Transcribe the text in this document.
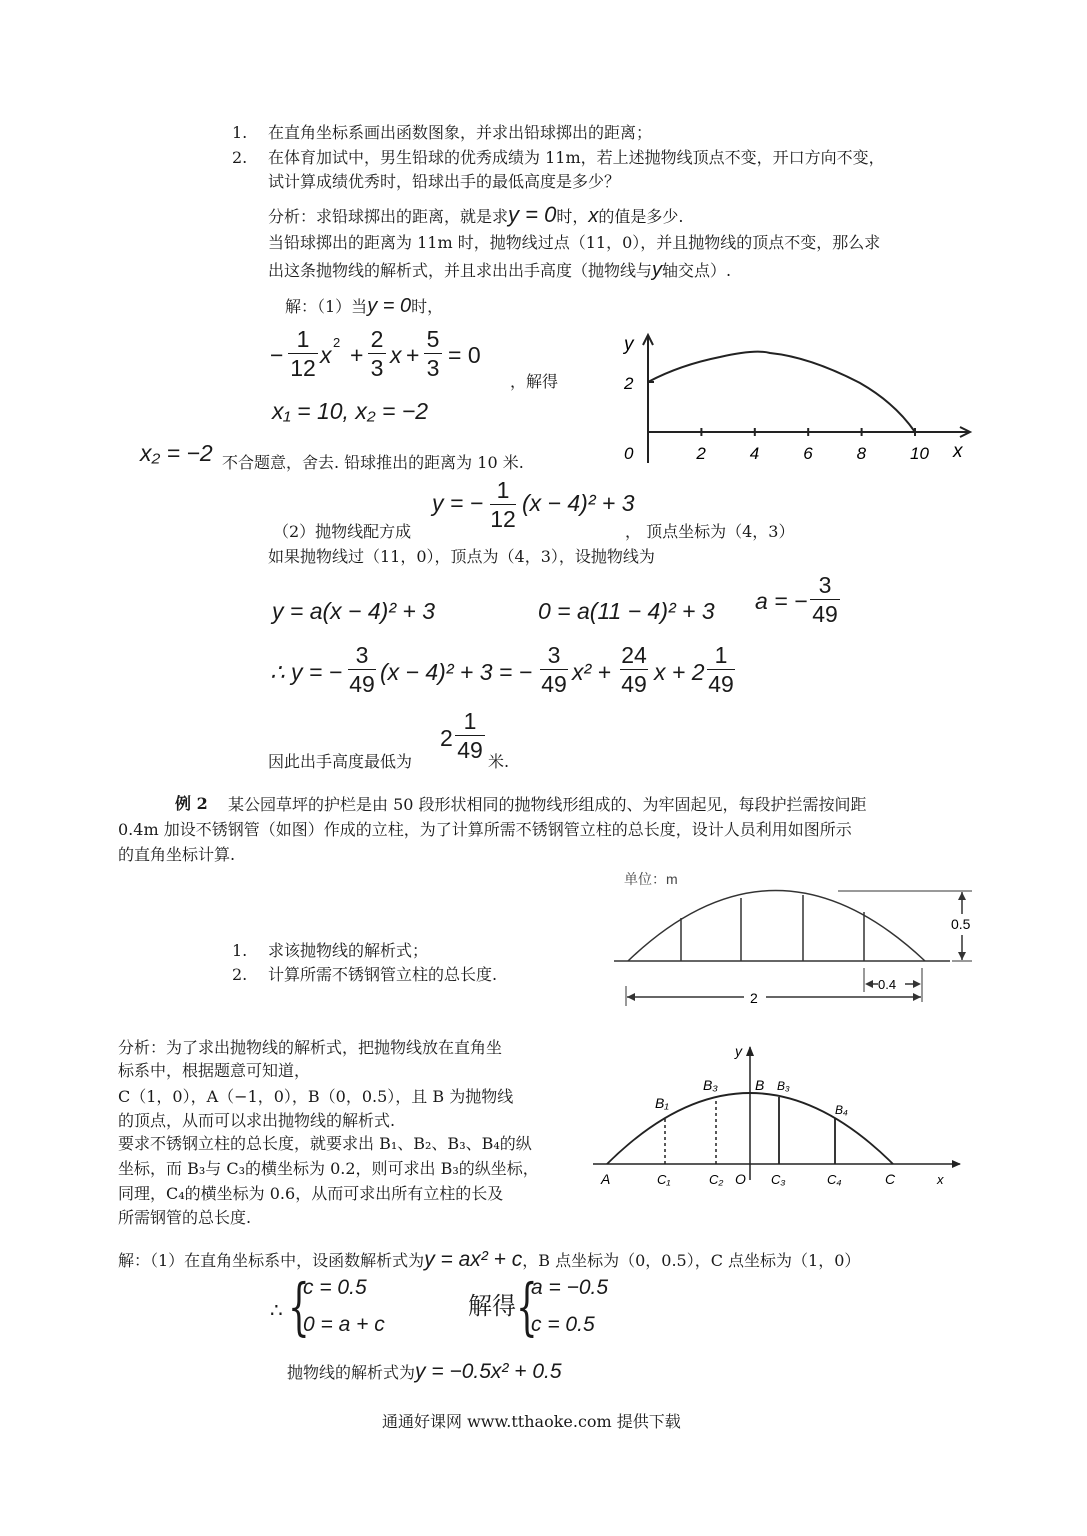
1. 在直角坐标系画出函数图象，并求出铅球掷出的距离；
2. 在体育加试中，男生铅球的优秀成绩为 11m，若上述抛物线顶点不变，开口方向不变，
试计算成绩优秀时，铅球出手的最低高度是多少？
分析：求铅球掷出的距离，就是求y = 0时，x的值是多少.
当铅球掷出的距离为 11m 时，抛物线过点（11，0），并且抛物线的顶点不变，那么求
出这条抛物线的解析式，并且求出出手高度（抛物线与y轴交点）.
解：（1）当y = 0时，
−
1
12 x 2 +
2
3 x +
5
3 = 0
，解得
x₁ = 10, x₂ = −2
x₂ = −2 不合题意，舍去. 铅球推出的距离为 10 米.
y = − 1
12
(x − 4)² + 3
（2）抛物线配方成	， 顶点坐标为（4，3）
如果抛物线过（11，0），顶点为（4，3），设抛物线为
y = a(x − 4)² + 3	0 = a(11 − 4)² + 3 a = −
3
49
∴ y = −
3
49 (x − 4)² + 3 = −
3
49 x² +
24
49 x + 2
1
49
2
1
49
因此出手高度最低为	米.
y
2
x
0	2	4	6	8	10
例 2 某公园草坪的护栏是由 50 段形状相同的抛物线形组成的、为牢固起见，每段护拦需按间距
0.4m 加设不锈钢管（如图）作成的立柱，为了计算所需不锈钢管立柱的总长度，设计人员利用如图所示
的直角坐标计算.
1. 求该抛物线的解析式；
2. 计算所需不锈钢管立柱的总长度.
单位：m
0.5
0.4
2
分析：为了求出抛物线的解析式，把抛物线放在直角坐
标系中，根据题意可知道，
C（1，0），A（−1，0），B（0，0.5），且 B 为抛物线
的顶点，从而可以求出抛物线的解析式.
要求不锈钢立柱的总长度，就要求出 B₁、B₂、B₃、B₄的纵
坐标，而 B₃与 C₃的横坐标为 0.2，则可求出 B₃的纵坐标，
同理，C₄的横坐标为 0.6，从而可求出所有立柱的长及
所需钢管的总长度.
y
x
A	C
O
B
B₁
B₃	B₃
B₄
C₁	C₂	C₃	C₄
解：（1）在直角坐标系中，设函数解析式为y = ax² + c，B 点坐标为（0，0.5），C 点坐标为（1，0）
∴ {
c = 0.5
0 = a + c
解得 {
a = −0.5
c = 0.5
抛物线的解析式为y = −0.5x² + 0.5
通通好课网 www.tthaoke.com 提供下载
